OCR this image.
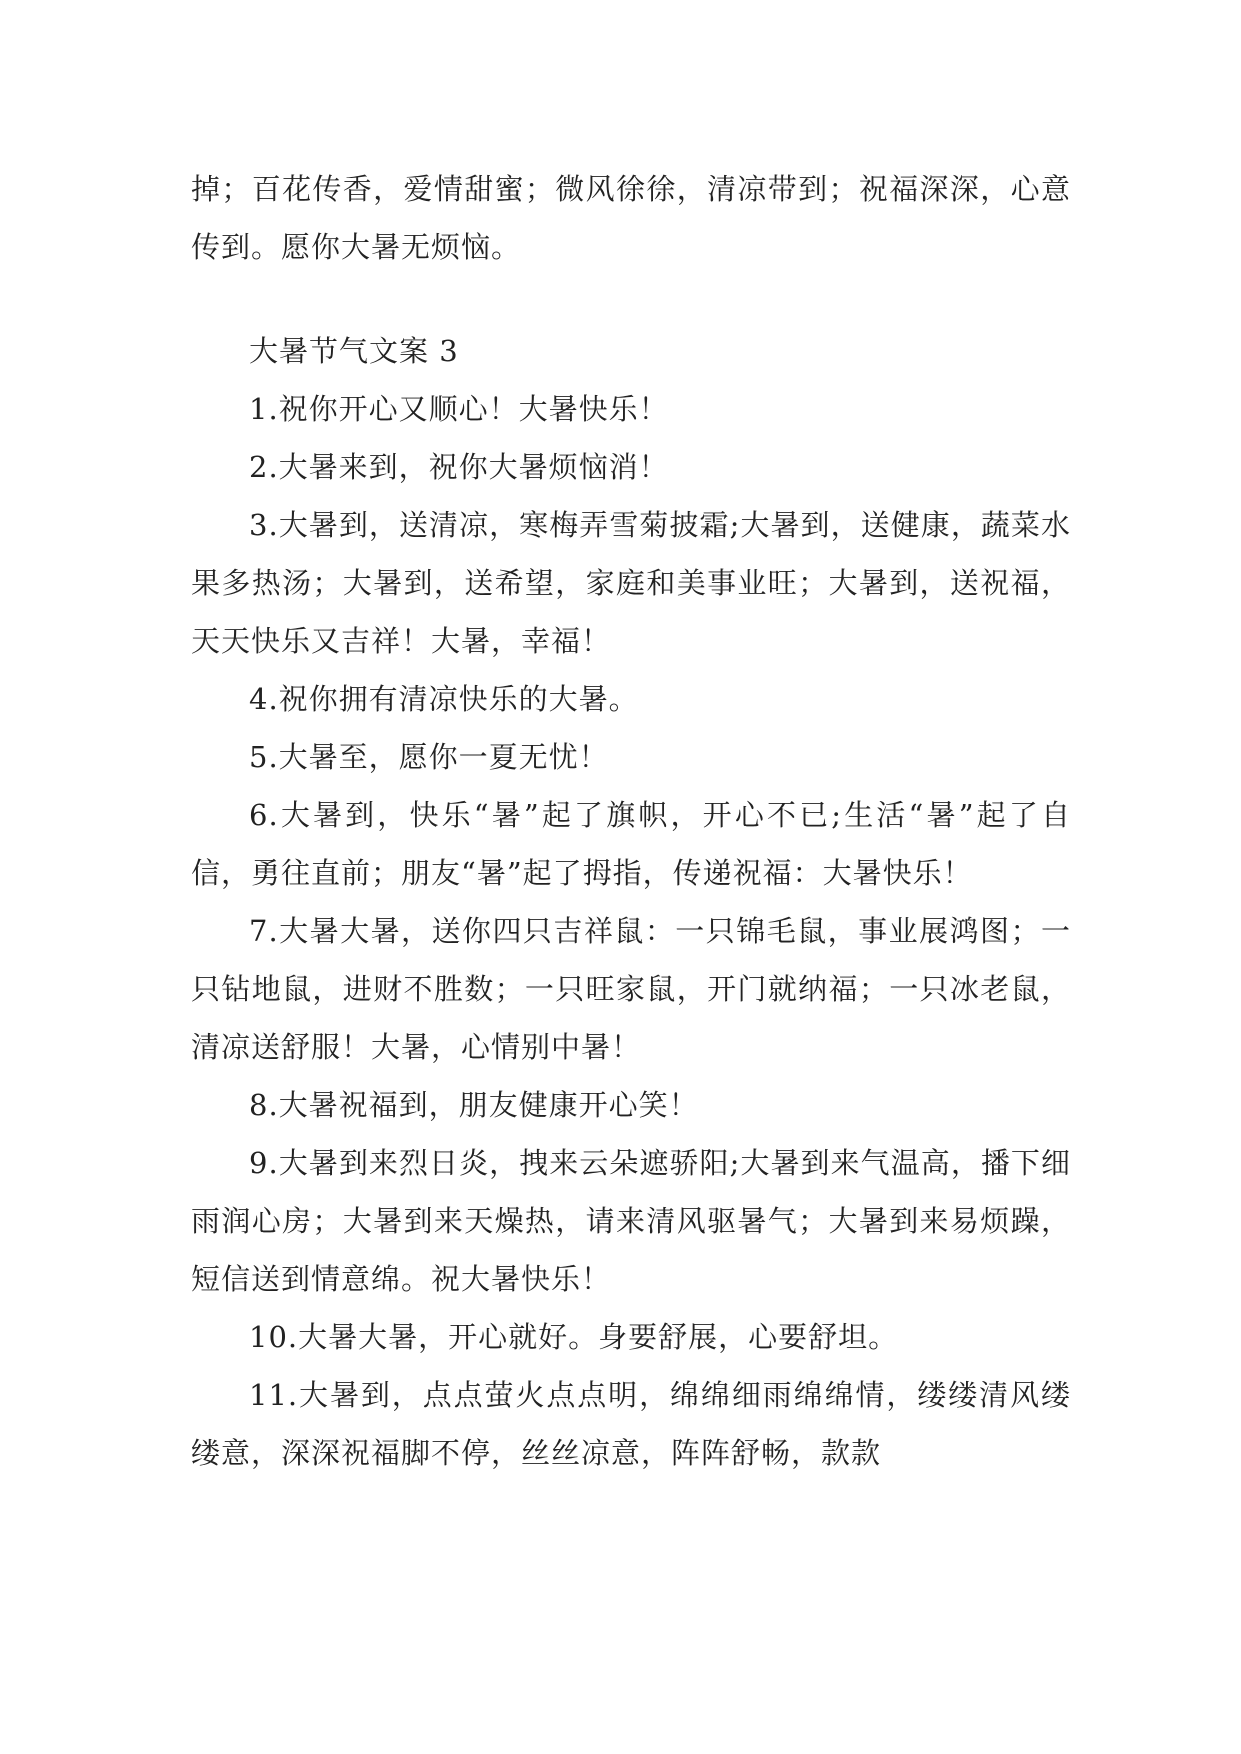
掉；百花传香，爱情甜蜜；微风徐徐，清凉带到；祝福深深，心意传到。愿你大暑无烦恼。

大暑节气文案 3

1.祝你开心又顺心！大暑快乐！

2.大暑来到，祝你大暑烦恼消！

3.大暑到，送清凉，寒梅弄雪菊披霜;大暑到，送健康，蔬菜水果多热汤；大暑到，送希望，家庭和美事业旺；大暑到，送祝福，天天快乐又吉祥！大暑，幸福！

4.祝你拥有清凉快乐的大暑。

5.大暑至，愿你一夏无忧！

6.大暑到，快乐“暑”起了旗帜，开心不已;生活“暑”起了自信，勇往直前；朋友“暑”起了拇指，传递祝福：大暑快乐！

7.大暑大暑，送你四只吉祥鼠：一只锦毛鼠，事业展鸿图；一只钻地鼠，进财不胜数；一只旺家鼠，开门就纳福；一只冰老鼠，清凉送舒服！大暑，心情别中暑！

8.大暑祝福到，朋友健康开心笑！

9.大暑到来烈日炎，拽来云朵遮骄阳;大暑到来气温高，播下细雨润心房；大暑到来天燥热，请来清风驱暑气；大暑到来易烦躁，短信送到情意绵。祝大暑快乐！

10.大暑大暑，开心就好。身要舒展，心要舒坦。

11.大暑到，点点萤火点点明，绵绵细雨绵绵情，缕缕清风缕缕意，深深祝福脚不停，丝丝凉意，阵阵舒畅，款款
